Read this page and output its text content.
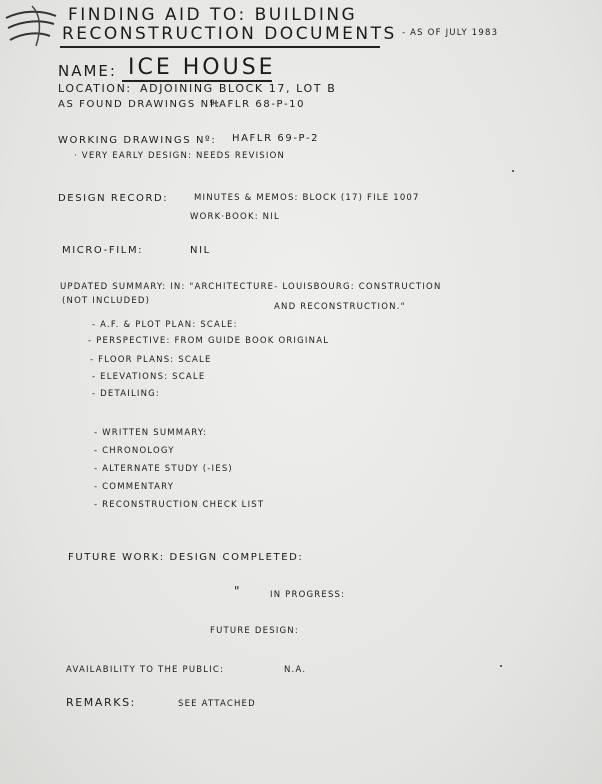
FINDING AID TO: BUILDING
RECONSTRUCTION DOCUMENTS - AS OF JULY 1983
NAME: ICE HOUSE
LOCATION: ADJOINING BLOCK 17, LOT B
AS FOUND DRAWINGS Nº:
HAFLR 68-P-10
WORKING DRAWINGS Nº: HAFLR 69-P-2
· VERY EARLY DESIGN: NEEDS REVISION
DESIGN RECORD:	MINUTES & MEMOS: BLOCK (17) FILE 1007
WORK·BOOK: NIL
MICRO-FILM:	NIL
UPDATED SUMMARY: IN: "ARCHITECTURE- LOUISBOURG: CONSTRUCTION
(NOT INCLUDED)
AND RECONSTRUCTION."
- A.F. & PLOT PLAN: SCALE:
- PERSPECTIVE: FROM GUIDE BOOK ORIGINAL
- FLOOR PLANS: SCALE
- ELEVATIONS: SCALE
- DETAILING:
- WRITTEN SUMMARY:
- CHRONOLOGY
- ALTERNATE STUDY (-IES)
- COMMENTARY
- RECONSTRUCTION CHECK LIST
FUTURE WORK: DESIGN COMPLETED:
"	IN PROGRESS:
FUTURE DESIGN:
AVAILABILITY TO THE PUBLIC:	N.A.
REMARKS:	SEE ATTACHED
